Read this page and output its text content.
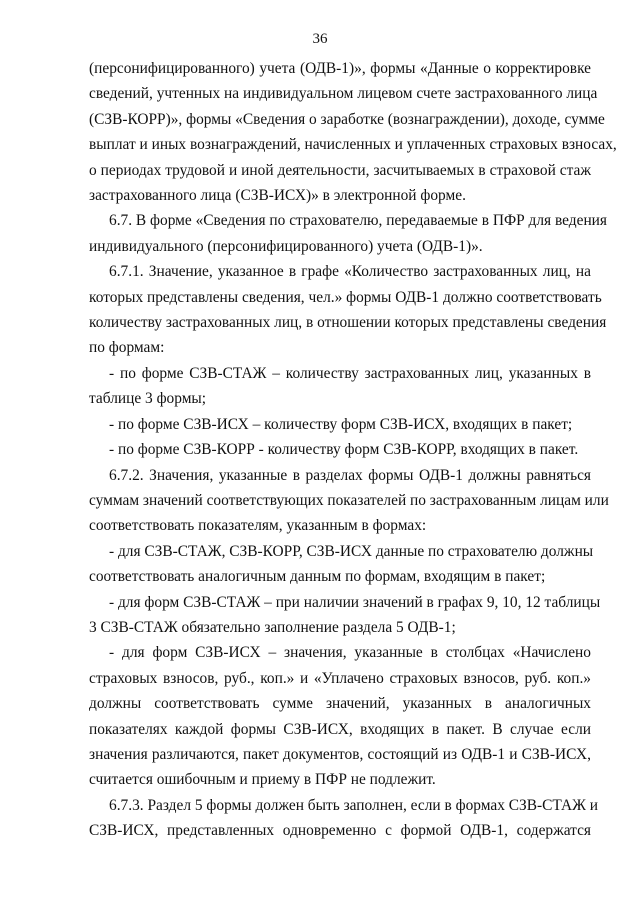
36
(персонифицированного) учета (ОДВ-1)», формы «Данные о корректировке
сведений, учтенных на индивидуальном лицевом счете застрахованного лица
(СЗВ-КОРР)», формы «Сведения о заработке (вознаграждении), доходе, сумме
выплат и иных вознаграждений, начисленных и уплаченных страховых взносах,
о периодах трудовой и иной деятельности, засчитываемых в страховой стаж
застрахованного лица (СЗВ-ИСХ)» в электронной форме.
6.7. В форме «Сведения по страхователю, передаваемые в ПФР для ведения
индивидуального (персонифицированного) учета (ОДВ-1)».
6.7.1. Значение, указанное в графе «Количество застрахованных лиц, на
которых представлены сведения, чел.» формы ОДВ-1 должно соответствовать
количеству застрахованных лиц, в отношении которых представлены сведения
по формам:
- по форме СЗВ-СТАЖ – количеству застрахованных лиц, указанных в
таблице 3 формы;
- по форме СЗВ-ИСХ – количеству форм СЗВ-ИСХ, входящих в пакет;
- по форме СЗВ-КОРР - количеству форм СЗВ-КОРР, входящих в пакет.
6.7.2. Значения, указанные в разделах формы ОДВ-1 должны равняться
суммам значений соответствующих показателей по застрахованным лицам или
соответствовать показателям, указанным в формах:
- для СЗВ-СТАЖ, СЗВ-КОРР, СЗВ-ИСХ данные по страхователю должны
соответствовать аналогичным данным по формам, входящим в пакет;
- для форм СЗВ-СТАЖ – при наличии значений в графах 9, 10, 12 таблицы
3 СЗВ-СТАЖ обязательно заполнение раздела 5 ОДВ-1;
- для форм СЗВ-ИСХ – значения, указанные в столбцах «Начислено
страховых взносов, руб., коп.» и «Уплачено страховых взносов, руб. коп.»
должны соответствовать сумме значений, указанных в аналогичных
показателях каждой формы СЗВ-ИСХ, входящих в пакет. В случае если
значения различаются, пакет документов, состоящий из ОДВ-1 и СЗВ-ИСХ,
считается ошибочным и приему в ПФР не подлежит.
6.7.3. Раздел 5 формы должен быть заполнен, если в формах СЗВ-СТАЖ и
СЗВ-ИСХ, представленных одновременно с формой ОДВ-1, содержатся
